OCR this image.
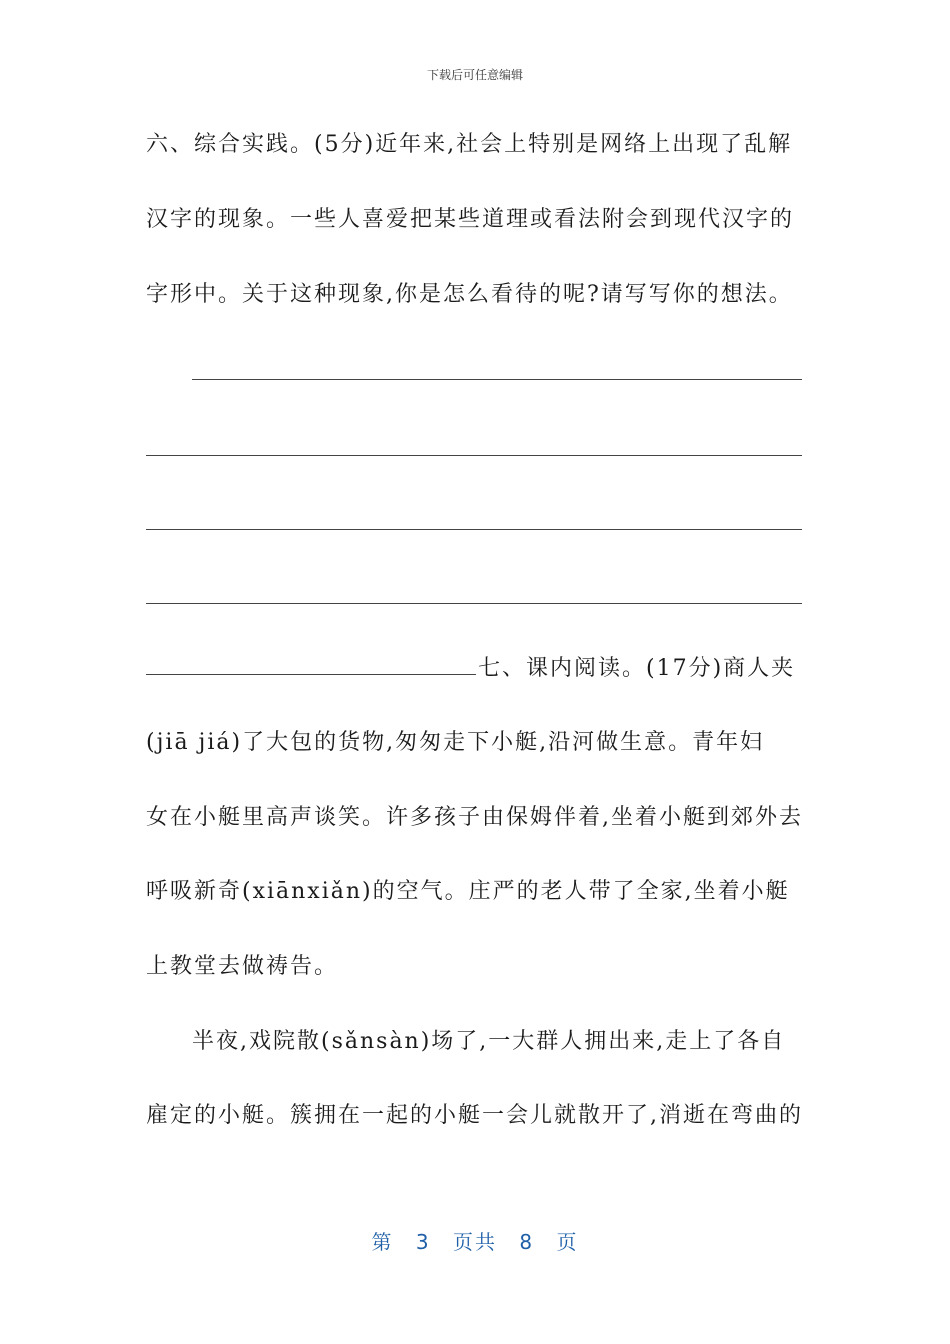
下载后可任意编辑
六、综合实践。(5分)近年来,社会上特别是网络上出现了乱解
汉字的现象。一些人喜爱把某些道理或看法附会到现代汉字的
字形中。关于这种现象,你是怎么看待的呢?请写写你的想法。
七、课内阅读。(17分)商人夹
(jiā jiá)了大包的货物,匆匆走下小艇,沿河做生意。青年妇
女在小艇里高声谈笑。许多孩子由保姆伴着,坐着小艇到郊外去
呼吸新奇(xiānxiǎn)的空气。庄严的老人带了全家,坐着小艇
上教堂去做祷告。
半夜,戏院散(sǎnsàn)场了,一大群人拥出来,走上了各自
雇定的小艇。簇拥在一起的小艇一会儿就散开了,消逝在弯曲的
第 3 页共 8 页
